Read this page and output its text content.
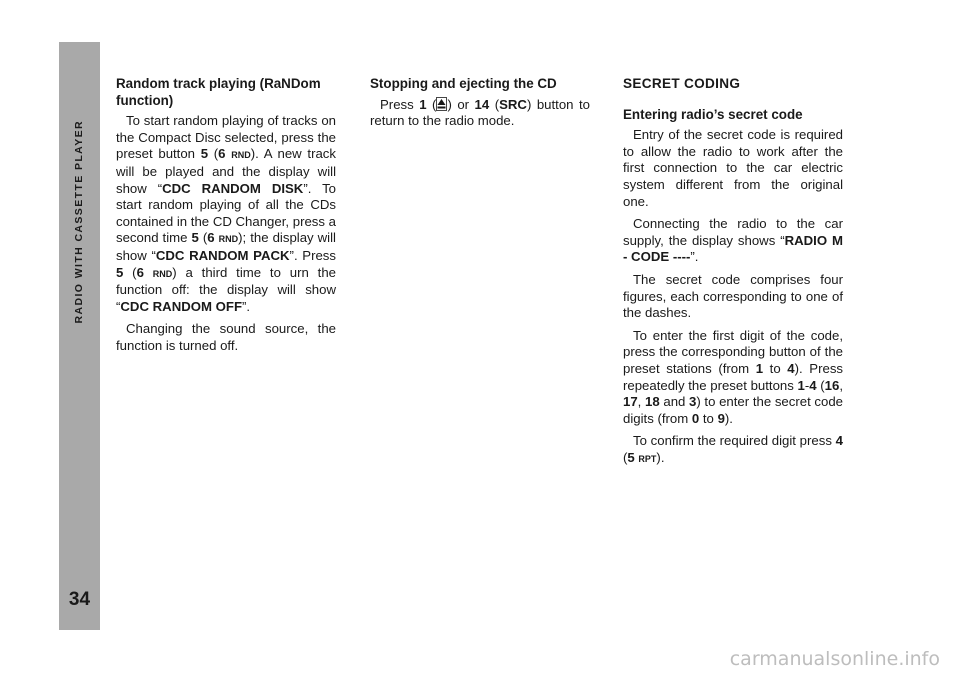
RADIO WITH CASSETTE PLAYER
34
Random track playing (RaNDom function)

To start random playing of tracks on the Compact Disc selected, press the preset button 5 (6 RND). A new track will be played and the display will show “CDC RANDOM DISK”. To start random playing of all the CDs contained in the CD Changer, press a second time 5 (6 RND); the display will show “CDC RANDOM PACK”. Press 5 (6 RND) a third time to urn the function off: the display will show “CDC RANDOM OFF”.

Changing the sound source, the function is turned off.

Stopping and ejecting the CD

Press 1 ( ) or 14 (SRC) button to return to the radio mode.

SECRET CODING
Entering radio’s secret code

Entry of the secret code is required to allow the radio to work after the first connection to the car electric system different from the original one.

Connecting the radio to the car supply, the display shows “RADIO M - CODE ----”.

The secret code comprises four figures, each corresponding to one of the dashes.

To enter the first digit of the code, press the corresponding button of the preset stations (from 1 to 4). Press repeatedly the preset buttons 1-4 (16, 17, 18 and 3) to enter the secret code digits (from 0 to 9).

To confirm the required digit press 4 (5 RPT).

carmanualsonline.info
